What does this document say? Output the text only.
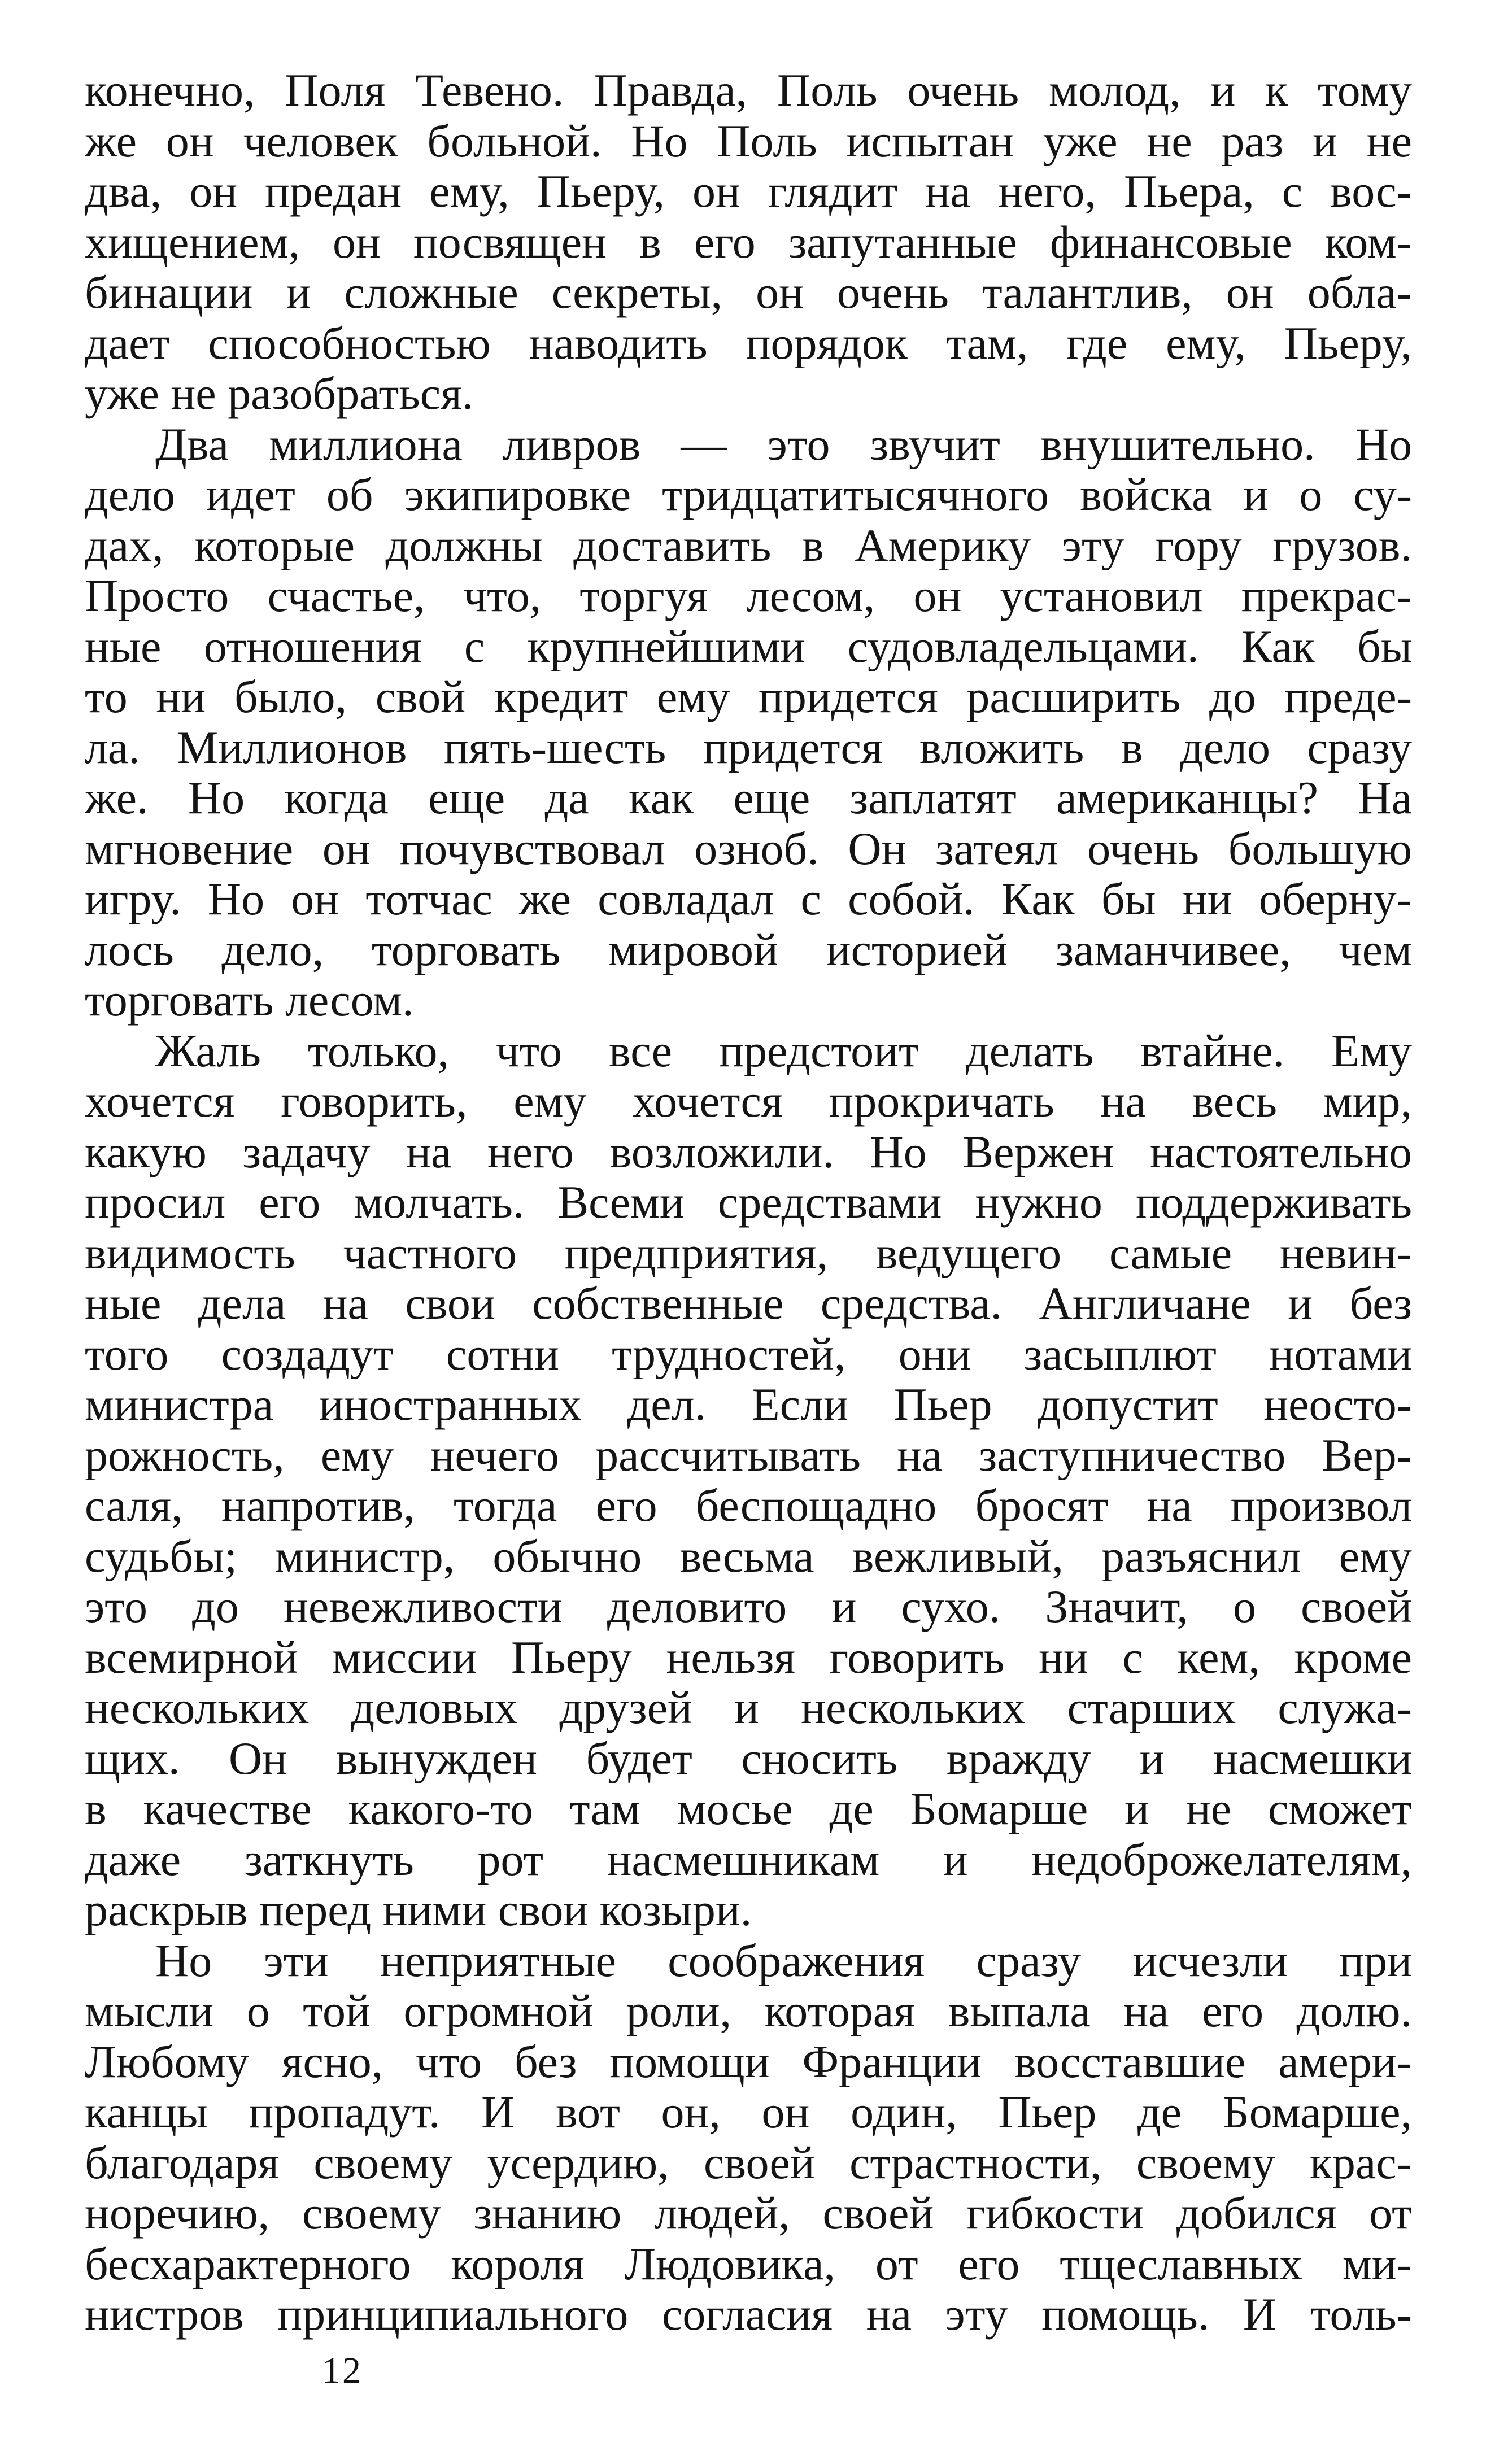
конечно, Поля Тевено. Правда, Поль очень молод, и к тому
же он человек больной. Но Поль испытан уже не раз и не
два, он предан ему, Пьеру, он глядит на него, Пьера, с вос-
хищением, он посвящен в его запутанные финансовые ком-
бинации и сложные секреты, он очень талантлив, он обла-
дает способностью наводить порядок там, где ему, Пьеру,
уже не разобраться.

Два миллиона ливров — это звучит внушительно. Но
дело идет об экипировке тридцатитысячного войска и о су-
дах, которые должны доставить в Америку эту гору грузов.
Просто счастье, что, торгуя лесом, он установил прекрас-
ные отношения с крупнейшими судовладельцами. Как бы
то ни было, свой кредит ему придется расширить до преде-
ла. Миллионов пять-шесть придется вложить в дело сразу
же. Но когда еще да как еще заплатят американцы? На
мгновение он почувствовал озноб. Он затеял очень большую
игру. Но он тотчас же совладал с собой. Как бы ни оберну-
лось дело, торговать мировой историей заманчивее, чем
торговать лесом.

Жаль только, что все предстоит делать втайне. Ему
хочется говорить, ему хочется прокричать на весь мир,
какую задачу на него возложили. Но Вержен настоятельно
просил его молчать. Всеми средствами нужно поддерживать
видимость частного предприятия, ведущего самые невин-
ные дела на свои собственные средства. Англичане и без
того создадут сотни трудностей, они засыплют нотами
министра иностранных дел. Если Пьер допустит неосто-
рожность, ему нечего рассчитывать на заступничество Вер-
саля, напротив, тогда его беспощадно бросят на произвол
судьбы; министр, обычно весьма вежливый, разъяснил ему
это до невежливости деловито и сухо. Значит, о своей
всемирной миссии Пьеру нельзя говорить ни с кем, кроме
нескольких деловых друзей и нескольких старших служа-
щих. Он вынужден будет сносить вражду и насмешки
в качестве какого-то там мосье де Бомарше и не сможет
даже заткнуть рот насмешникам и недоброжелателям,
раскрыв перед ними свои козыри.

Но эти неприятные соображения сразу исчезли при
мысли о той огромной роли, которая выпала на его долю.
Любому ясно, что без помощи Франции восставшие амери-
канцы пропадут. И вот он, он один, Пьер де Бомарше,
благодаря своему усердию, своей страстности, своему крас-
норечию, своему знанию людей, своей гибкости добился от
бесхарактерного короля Людовика, от его тщеславных ми-
нистров принципиального согласия на эту помощь. И толь-

12
